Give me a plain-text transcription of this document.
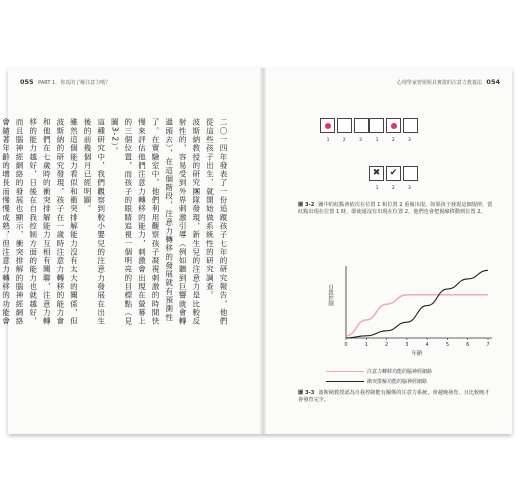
055 PART 1．你真的了解注意力嗎？	心理學家曾姐姐具實證的注意力教養法 054

二〇一四年發表了一份追蹤孩子七年的研究報告，他們從這些孩子出生、就開始做系統性的研究調查。

波斯納教授的研究團隊發現，新生兒的注意力是比較反射性的，容易受到外界刺激引導（例如聽到巨響就會轉過頭去），在這個階段，注意力轉移的發展就有預測性了。在實驗室中，他們利用觀察孩子凝視刺激的時間快慢來評估他們注意力轉移的能力，刺激會出現在螢幕上的三個位置，而孩子的眼睛追視一個明亮的目標點（見圖3-2）。

這種研究中，我們觀察到較小嬰兒的注意力發展在出生後的前幾個月已經明顯。

雖然這個能力看似和衝突排解能力沒有太大的關係，但波斯納的研究發現，孩子在一歲時注意力轉移的能力會和他們在七歲時的衝突排解能力互相有關聯，注意力轉移的能力越好，日後在自我控制方面的能力也就越好，而且腦神經網絡的發展也顯示，衝突排解的腦神經網絡會隨著年齡的增長而慢慢成熟，但注意力轉移的功能會

1	2	3	1	2	3
✖ ✔
1	2	3
圖 3-2 圖中的紅點會依次在位置 1 和位置 2 重複出現。如果孩子發現這個規律，當紅點出現在位置 1 時，即使還沒有出現在位置 2，他們也會把視線移動到位置 2。
0	1	2	3	4	5	6	7
年齡
自我控制
注意力轉移功能的腦神經網路
衝突排解功能的腦神經網路
圖 3-3 波斯納教授認為自我控制能有關係的注意力系統，會越晚發育，且比較晚才會發育完全。
